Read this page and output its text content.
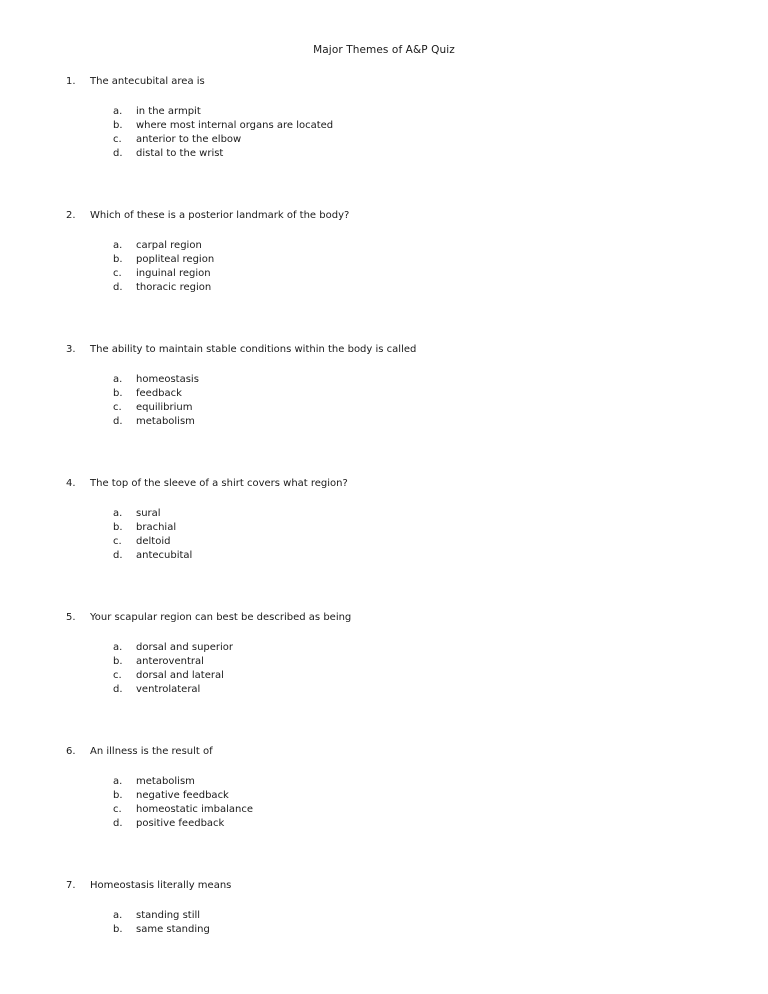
Major Themes of A&P Quiz
1. The antecubital area is
a. in the armpit
b. where most internal organs are located
c. anterior to the elbow
d. distal to the wrist
2. Which of these is a posterior landmark of the body?
a. carpal region
b. popliteal region
c. inguinal region
d. thoracic region
3. The ability to maintain stable conditions within the body is called
a. homeostasis
b. feedback
c. equilibrium
d. metabolism
4. The top of the sleeve of a shirt covers what region?
a. sural
b. brachial
c. deltoid
d. antecubital
5. Your scapular region can best be described as being
a. dorsal and superior
b. anteroventral
c. dorsal and lateral
d. ventrolateral
6. An illness is the result of
a. metabolism
b. negative feedback
c. homeostatic imbalance
d. positive feedback
7. Homeostasis literally means
a. standing still
b. same standing
